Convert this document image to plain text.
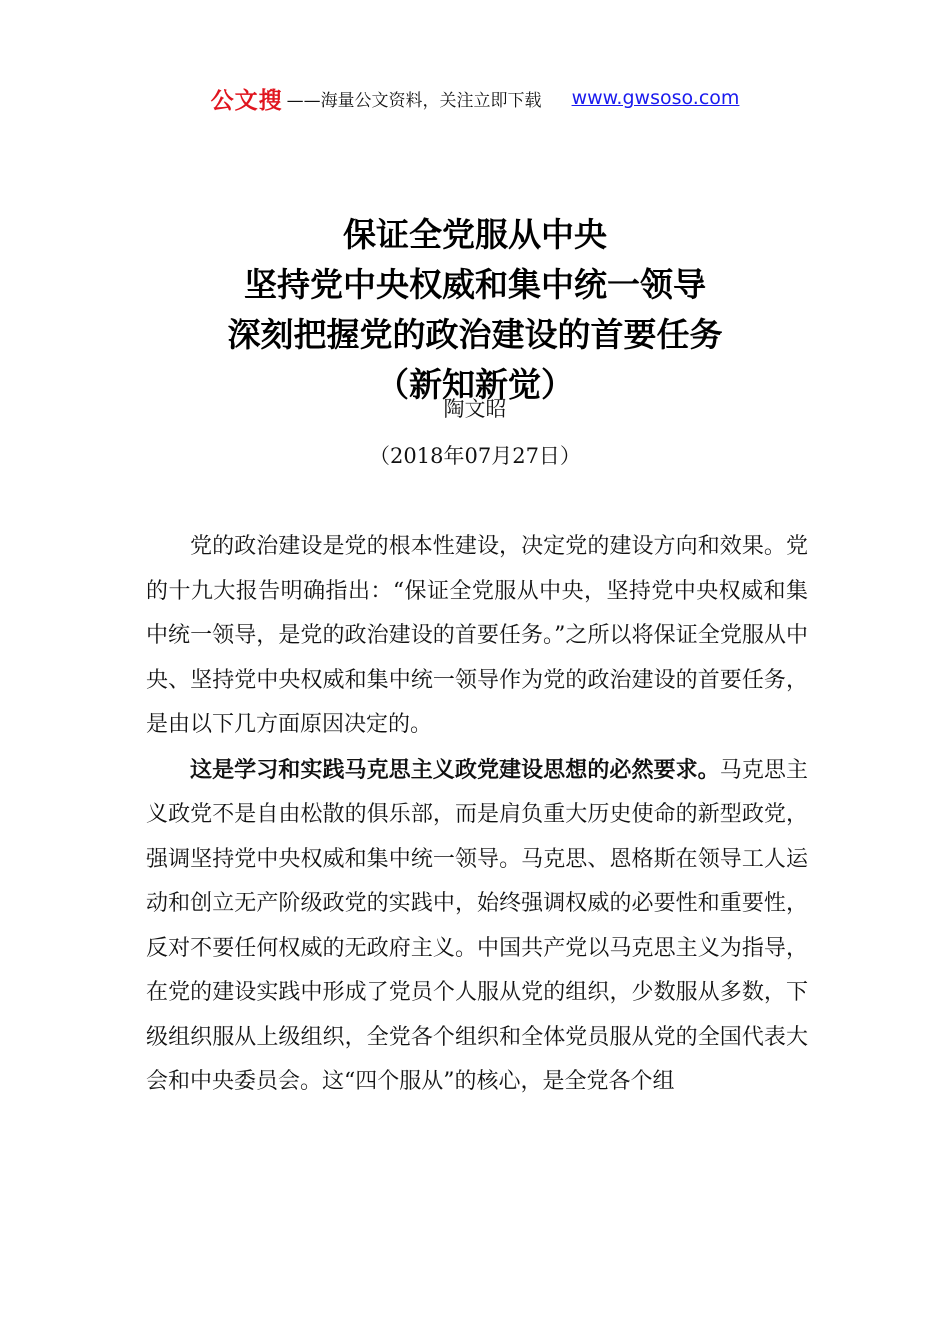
公文搜 ——海量公文资料，关注立即下载 www.gwsoso.com
保证全党服从中央
坚持党中央权威和集中统一领导
深刻把握党的政治建设的首要任务
（新知新觉）
陶文昭
（2018年07月27日）

党的政治建设是党的根本性建设，决定党的建设方向和效果。党的十九大报告明确指出：“保证全党服从中央，坚持党中央权威和集中统一领导，是党的政治建设的首要任务。”之所以将保证全党服从中央、坚持党中央权威和集中统一领导作为党的政治建设的首要任务，是由以下几方面原因决定的。

这是学习和实践马克思主义政党建设思想的必然要求。马克思主义政党不是自由松散的俱乐部，而是肩负重大历史使命的新型政党，强调坚持党中央权威和集中统一领导。马克思、恩格斯在领导工人运动和创立无产阶级政党的实践中，始终强调权威的必要性和重要性，反对不要任何权威的无政府主义。中国共产党以马克思主义为指导，在党的建设实践中形成了党员个人服从党的组织，少数服从多数，下级组织服从上级组织，全党各个组织和全体党员服从党的全国代表大会和中央委员会。这“四个服从”的核心，是全党各个组
